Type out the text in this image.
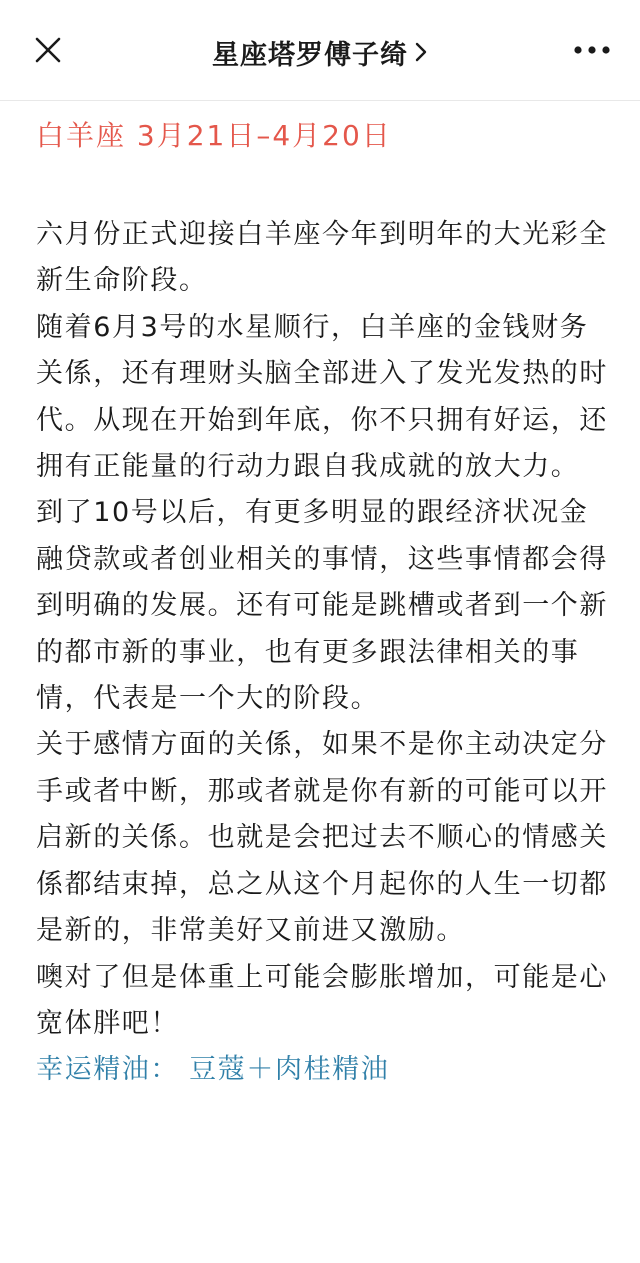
星座塔罗傅子绮

白羊座 3月21日–4月20日

六月份正式迎接白羊座今年到明年的大光彩全新生命阶段。

随着6月3号的水星顺行，白羊座的金钱财务关係，还有理财头脑全部进入了发光发热的时代。从现在开始到年底，你不只拥有好运，还拥有正能量的行动力跟自我成就的放大力。

到了10号以后，有更多明显的跟经济状况金融贷款或者创业相关的事情，这些事情都会得到明确的发展。还有可能是跳槽或者到一个新的都市新的事业，也有更多跟法律相关的事情，代表是一个大的阶段。

关于感情方面的关係，如果不是你主动决定分手或者中断，那或者就是你有新的可能可以开启新的关係。也就是会把过去不顺心的情感关係都结束掉，总之从这个月起你的人生一切都是新的，非常美好又前进又激励。

噢对了但是体重上可能会膨胀增加，可能是心宽体胖吧！

幸运精油： 豆蔻＋肉桂精油
